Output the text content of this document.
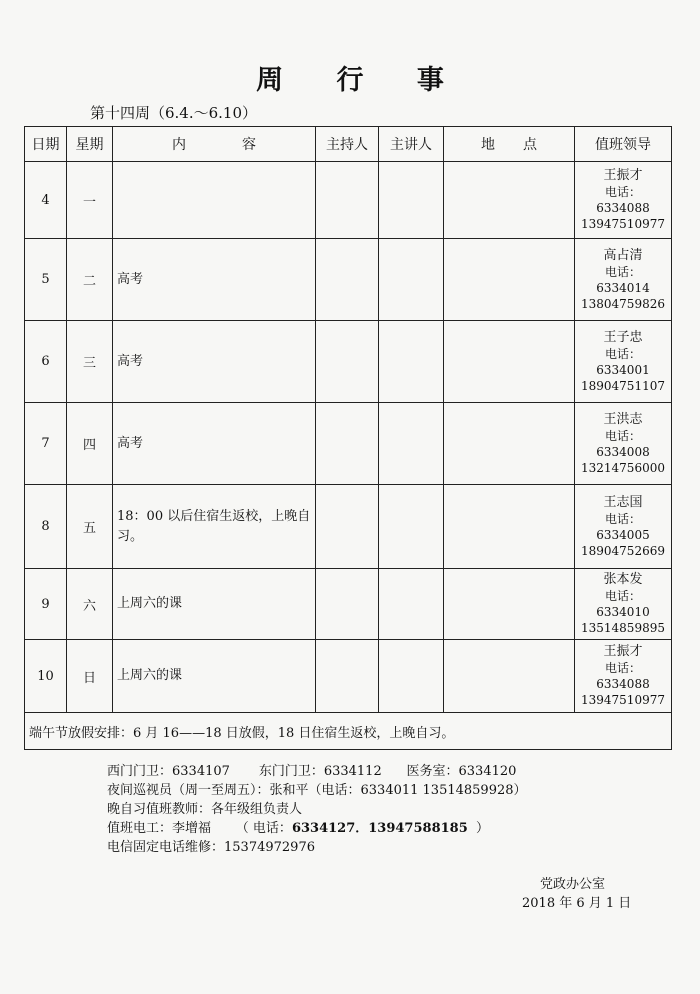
周 行 事
第十四周（6.4.～6.10）
日期	星期	内　　　　容	主持人	主讲人	地　　点	值班领导
4	一					王振才
电话：6334088
13947510977

5	二	高考				高占清
电话：6334014
13804759826

6	三	高考				王子忠
电话：6334001
18904751107

7	四	高考				王洪志
电话：6334008
13214756000

8	五	18：00 以后住宿生返校，上晚自习。				王志国
电话：6334005
18904752669

9	六	上周六的课				张本发
电话：6334010
13514859895

10	日	上周六的课				王振才
电话：6334088
13947510977

端午节放假安排：6 月 16——18 日放假，18 日住宿生返校，上晚自习。						
西门门卫：6334107       东门门卫：6334112      医务室：6334120
夜间巡视员（周一至周五）：张和平（电话：6334011 13514859928）
晚自习值班教师：各年级组负责人
值班电工：李增福      （ 电话：6334127．13947588185  ）
电信固定电话维修：15374972976
党政办公室
2018 年 6 月 1 日
